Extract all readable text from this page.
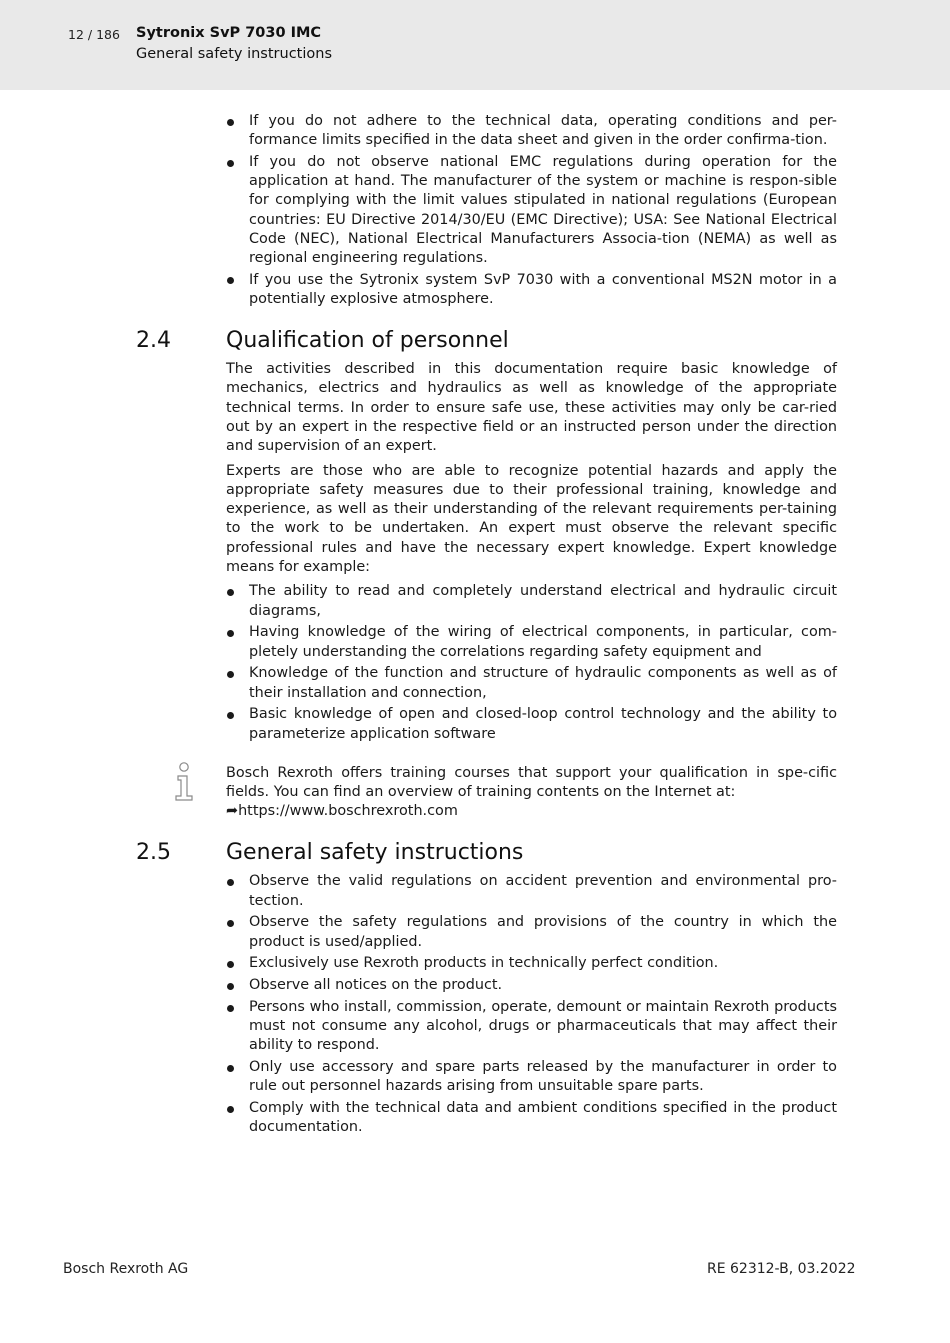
12 / 186 Sytronix SvP 7030 IMC
General safety instructions
If you do not adhere to the technical data, operating conditions and per-formance limits specified in the data sheet and given in the order confirma-tion.
If you do not observe national EMC regulations during operation for the application at hand. The manufacturer of the system or machine is respon-sible for complying with the limit values stipulated in national regulations (European countries: EU Directive 2014/30/EU (EMC Directive); USA: See National Electrical Code (NEC), National Electrical Manufacturers Associa-tion (NEMA) as well as regional engineering regulations.
If you use the Sytronix system SvP 7030 with a conventional MS2N motor in a potentially explosive atmosphere.
2.4	Qualification of personnel

The activities described in this documentation require basic knowledge of mechanics, electrics and hydraulics as well as knowledge of the appropriate technical terms. In order to ensure safe use, these activities may only be car-ried out by an expert in the respective field or an instructed person under the direction and supervision of an expert.

Experts are those who are able to recognize potential hazards and apply the appropriate safety measures due to their professional training, knowledge and experience, as well as their understanding of the relevant requirements per-taining to the work to be undertaken. An expert must observe the relevant specific professional rules and have the necessary expert knowledge. Expert knowledge means for example:

The ability to read and completely understand electrical and hydraulic circuit diagrams,
Having knowledge of the wiring of electrical components, in particular, com-pletely understanding the correlations regarding safety equipment and
Knowledge of the function and structure of hydraulic components as well as of their installation and connection,
Basic knowledge of open and closed-loop control technology and the ability to parameterize application software

Bosch Rexroth offers training courses that support your qualification in spe-cific fields. You can find an overview of training contents on the Internet at:
➦https://www.boschrexroth.com

2.5	General safety instructions
Observe the valid regulations on accident prevention and environmental pro-tection.
Observe the safety regulations and provisions of the country in which the product is used/applied.
Exclusively use Rexroth products in technically perfect condition.
Observe all notices on the product.
Persons who install, commission, operate, demount or maintain Rexroth products must not consume any alcohol, drugs or pharmaceuticals that may affect their ability to respond.
Only use accessory and spare parts released by the manufacturer in order to rule out personnel hazards arising from unsuitable spare parts.
Comply with the technical data and ambient conditions specified in the product documentation.
Bosch Rexroth AG	RE 62312-B, 03.2022
